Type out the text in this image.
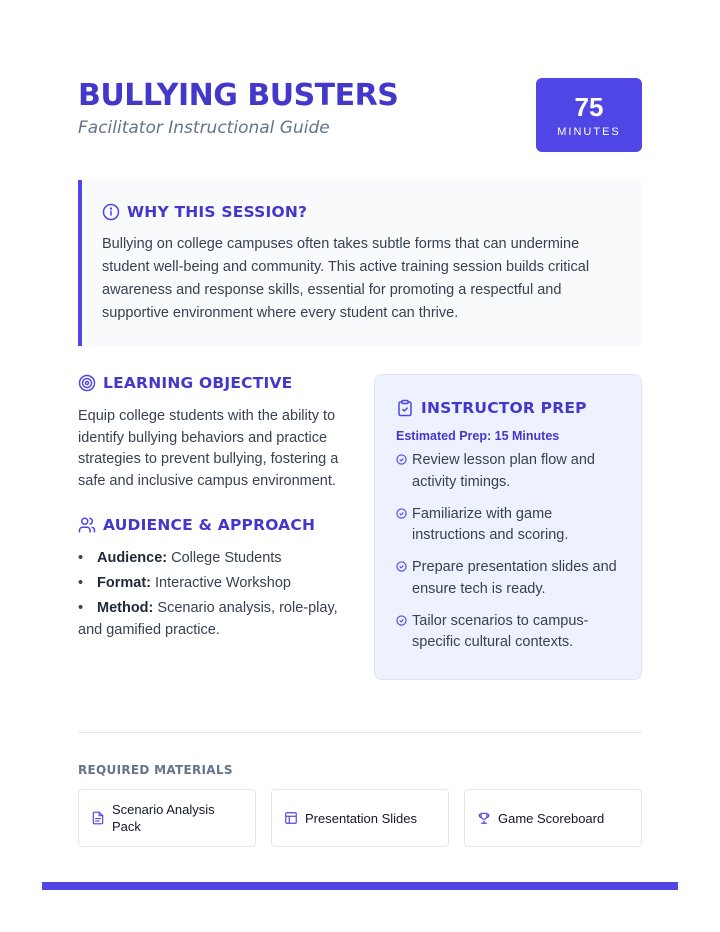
BULLYING BUSTERS
Facilitator Instructional Guide
75
MINUTES
WHY THIS SESSION?

Bullying on college campuses often takes subtle forms that can undermine student well-being and community. This active training session builds critical awareness and response skills, essential for promoting a respectful and supportive environment where every student can thrive.

LEARNING OBJECTIVE

Equip college students with the ability to identify bullying behaviors and practice strategies to prevent bullying, fostering a safe and inclusive campus environment.

AUDIENCE & APPROACH
• Audience: College Students
• Format: Interactive Workshop
• Method: Scenario analysis, role-play, and gamified practice.
INSTRUCTOR PREP
Estimated Prep: 15 Minutes
Review lesson plan flow and activity timings.
Familiarize with game instructions and scoring.
Prepare presentation slides and ensure tech is ready.
Tailor scenarios to campus-specific cultural contexts.
REQUIRED MATERIALS
Scenario Analysis Pack
Presentation Slides	Game Scoreboard
